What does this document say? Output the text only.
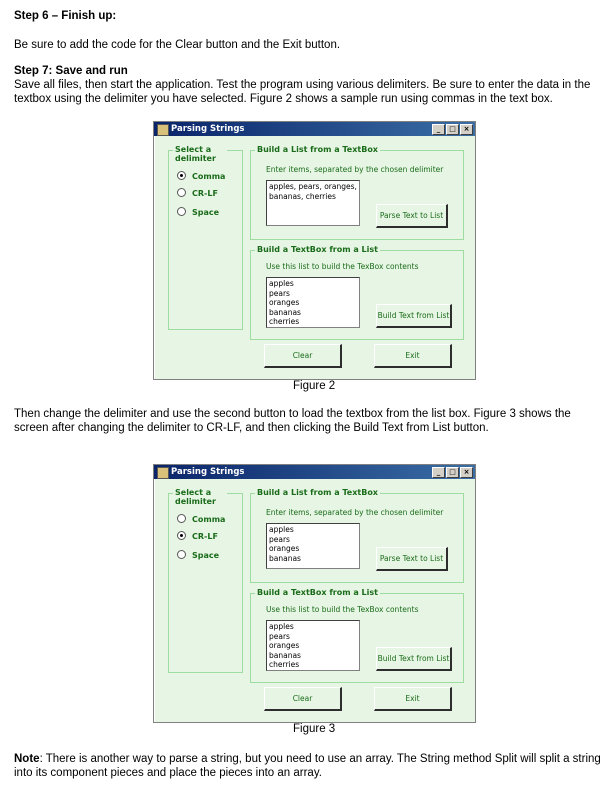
Step 6 – Finish up:
Be sure to add the code for the Clear button and the Exit button.
Step 7: Save and run
Save all files, then start the application. Test the program using various delimiters. Be sure to enter the data in the textbox using the delimiter you have selected. Figure 2 shows a sample run using commas in the text box.
Parsing Strings	_ □ ×
Select a delimiter
Comma
CR-LF
Space
Build a List from a TextBox
Enter items, separated by the chosen delimiter
apples, pears, oranges,
bananas, cherries
Parse Text to List
Build a TextBox from a List
Use this list to build the TexBox contents
apples
pears
oranges
bananas
cherries
Build Text from List
Clear	Exit
Figure 2
Then change the delimiter and use the second button to load the textbox from the list box. Figure 3 shows the screen after changing the delimiter to CR-LF, and then clicking the Build Text from List button.
Parsing Strings	_ □ ×
Select a delimiter
Comma
CR-LF
Space
Build a List from a TextBox
Enter items, separated by the chosen delimiter
apples
pears
oranges
bananas	Parse Text to List
Build a TextBox from a List
Use this list to build the TexBox contents
apples
pears
oranges
bananas
cherries
Build Text from List
Clear	Exit
Figure 3
Note: There is another way to parse a string, but you need to use an array. The String method Split will split a string into its component pieces and place the pieces into an array.
